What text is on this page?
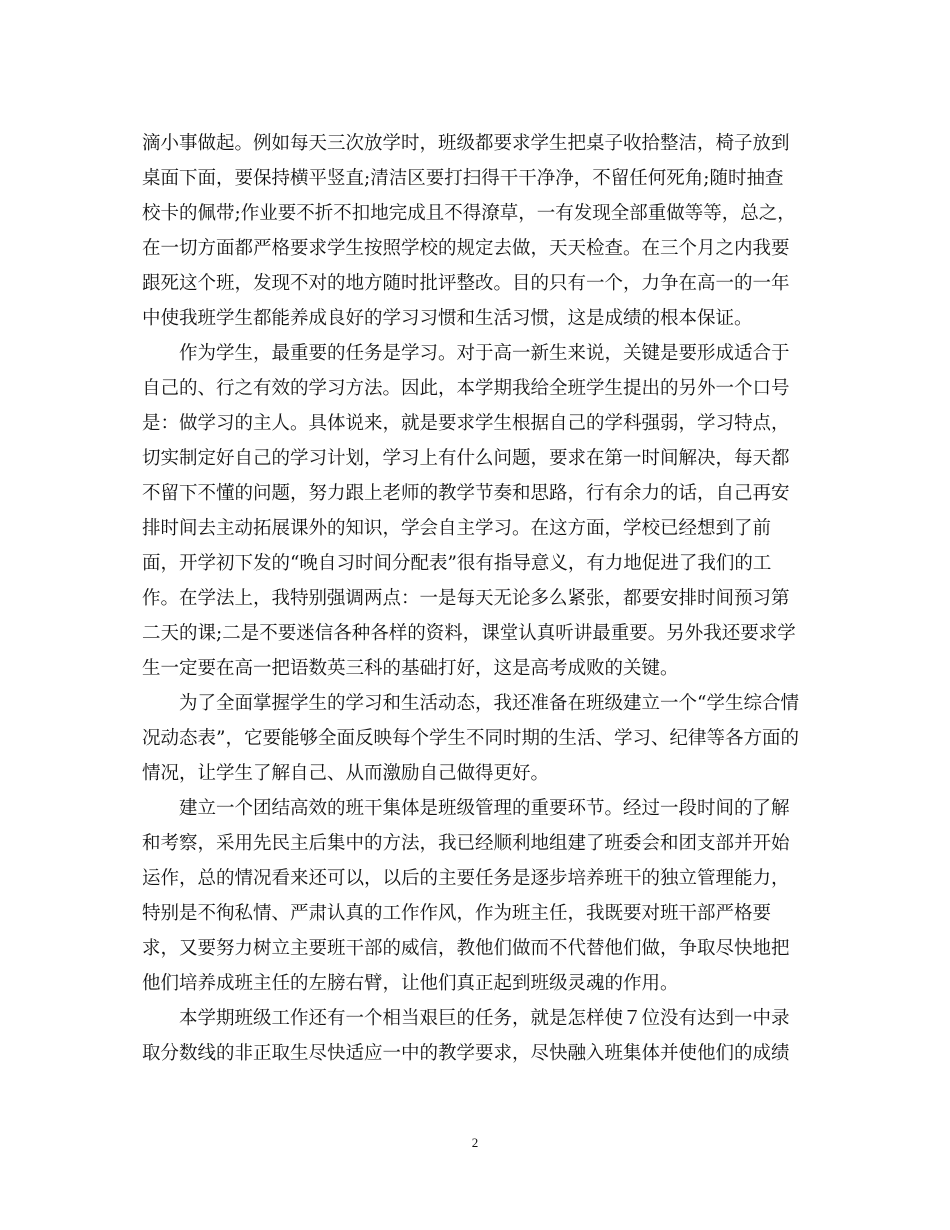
滴小事做起。例如每天三次放学时，班级都要求学生把桌子收拾整洁，椅子放到
桌面下面，要保持横平竖直;清洁区要打扫得干干净净，不留任何死角;随时抽查
校卡的佩带;作业要不折不扣地完成且不得潦草，一有发现全部重做等等，总之，
在一切方面都严格要求学生按照学校的规定去做，天天检查。在三个月之内我要
跟死这个班，发现不对的地方随时批评整改。目的只有一个，力争在高一的一年
中使我班学生都能养成良好的学习习惯和生活习惯，这是成绩的根本保证。
作为学生，最重要的任务是学习。对于高一新生来说，关键是要形成适合于
自己的、行之有效的学习方法。因此，本学期我给全班学生提出的另外一个口号
是：做学习的主人。具体说来，就是要求学生根据自己的学科强弱，学习特点，
切实制定好自己的学习计划，学习上有什么问题，要求在第一时间解决，每天都
不留下不懂的问题，努力跟上老师的教学节奏和思路，行有余力的话，自己再安
排时间去主动拓展课外的知识，学会自主学习。在这方面，学校已经想到了前
面，开学初下发的“晚自习时间分配表”很有指导意义，有力地促进了我们的工
作。在学法上，我特别强调两点：一是每天无论多么紧张，都要安排时间预习第
二天的课;二是不要迷信各种各样的资料，课堂认真听讲最重要。另外我还要求学
生一定要在高一把语数英三科的基础打好，这是高考成败的关键。
为了全面掌握学生的学习和生活动态，我还准备在班级建立一个“学生综合情
况动态表”，它要能够全面反映每个学生不同时期的生活、学习、纪律等各方面的
情况，让学生了解自己、从而激励自己做得更好。
建立一个团结高效的班干集体是班级管理的重要环节。经过一段时间的了解
和考察，采用先民主后集中的方法，我已经顺利地组建了班委会和团支部并开始
运作，总的情况看来还可以，以后的主要任务是逐步培养班干的独立管理能力，
特别是不徇私情、严肃认真的工作作风，作为班主任，我既要对班干部严格要
求，又要努力树立主要班干部的威信，教他们做而不代替他们做，争取尽快地把
他们培养成班主任的左膀右臂，让他们真正起到班级灵魂的作用。
本学期班级工作还有一个相当艰巨的任务，就是怎样使７位没有达到一中录
取分数线的非正取生尽快适应一中的教学要求，尽快融入班集体并使他们的成绩
2
